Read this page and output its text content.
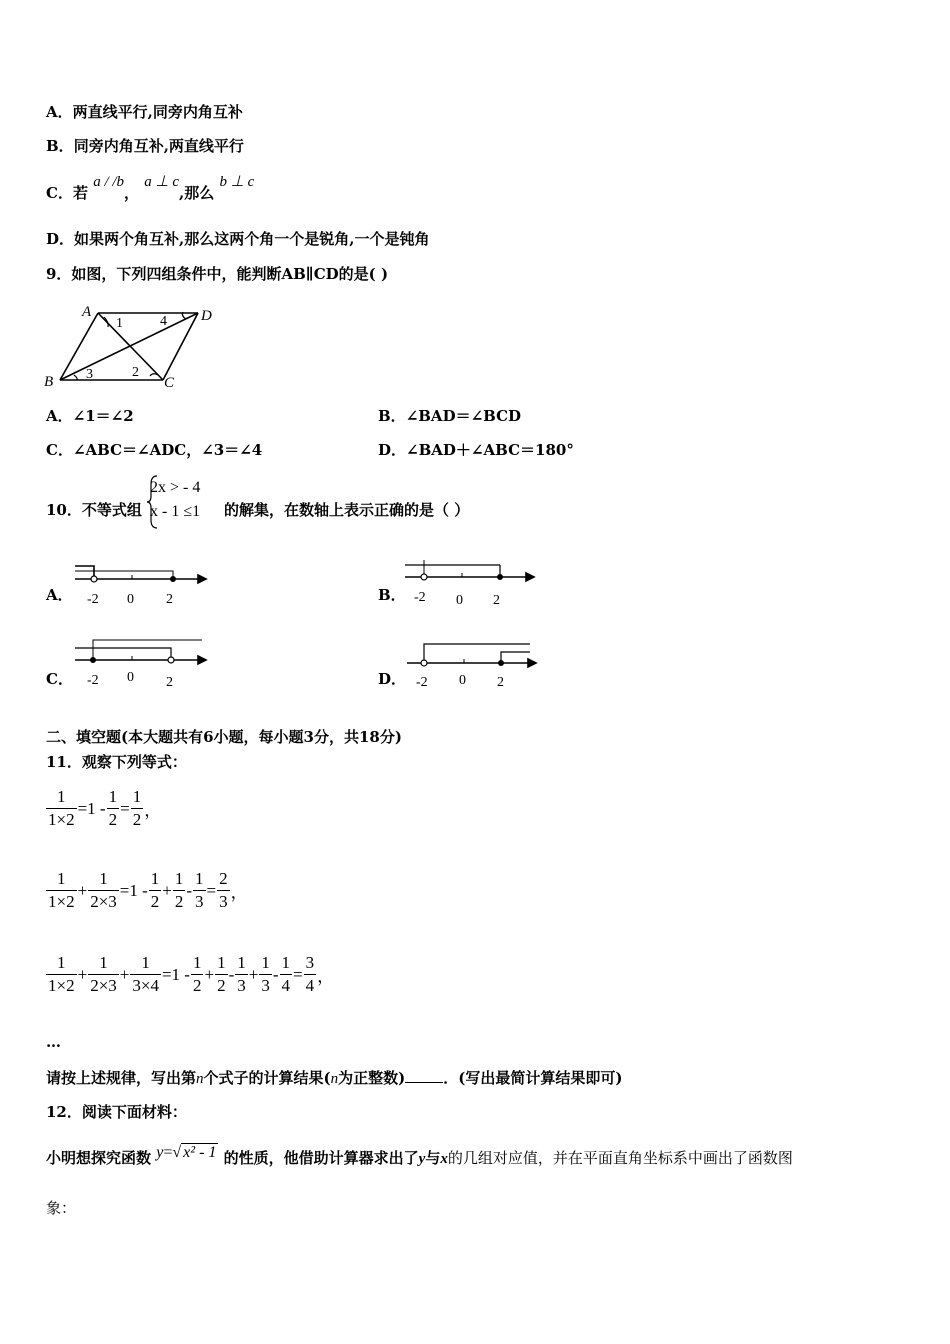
A．两直线平行,同旁内角互补
B．同旁内角互补,两直线平行
C．若 a / /b， a ⊥ c,那么 b ⊥ c
D．如果两个角互补,那么这两个角一个是锐角,一个是钝角
9．如图，下列四组条件中，能判断AB∥CD的是( )
A	D
B	C
1	4
3	2
A．∠1＝∠2	B．∠BAD＝∠BCD
C．∠ABC＝∠ADC，∠3＝∠4	D．∠BAD＋∠ABC＝180°
10．不等式组
2x > - 4
x - 1 ≤1 的解集，在数轴上表示正确的是（ ）
A． -2 0 2	B． -2 0 2
C． -2 0 2	D． -2 0 2
二、填空题(本大题共有6小题，每小题3分，共18分)
11．观察下列等式：
$\frac{1}{1\times 2} =1 - \frac{1}{2} = \frac{1}{2}$ ，
$\frac{1}{1\times 2} + \frac{1}{2\times 3} =1 - \frac{1}{2} + \frac{1}{2} - \frac{1}{3} = \frac{2}{3}$ ，
$\frac{1}{1\times 2} + \frac{1}{2\times 3} + \frac{1}{3\times 4} =1 - \frac{1}{2} + \frac{1}{2} - \frac{1}{3} + \frac{1}{3} - \frac{1}{4} = \frac{3}{4}$ ，
…
请按上述规律，写出第n个式子的计算结果(n为正整数)	．(写出最简计算结果即可)
12．阅读下面材料：
小明想探究函数 y=√ x² - 1 的性质，他借助计算器求出了y与x的几组对应值，并在平面直角坐标系中画出了函数图
象：
